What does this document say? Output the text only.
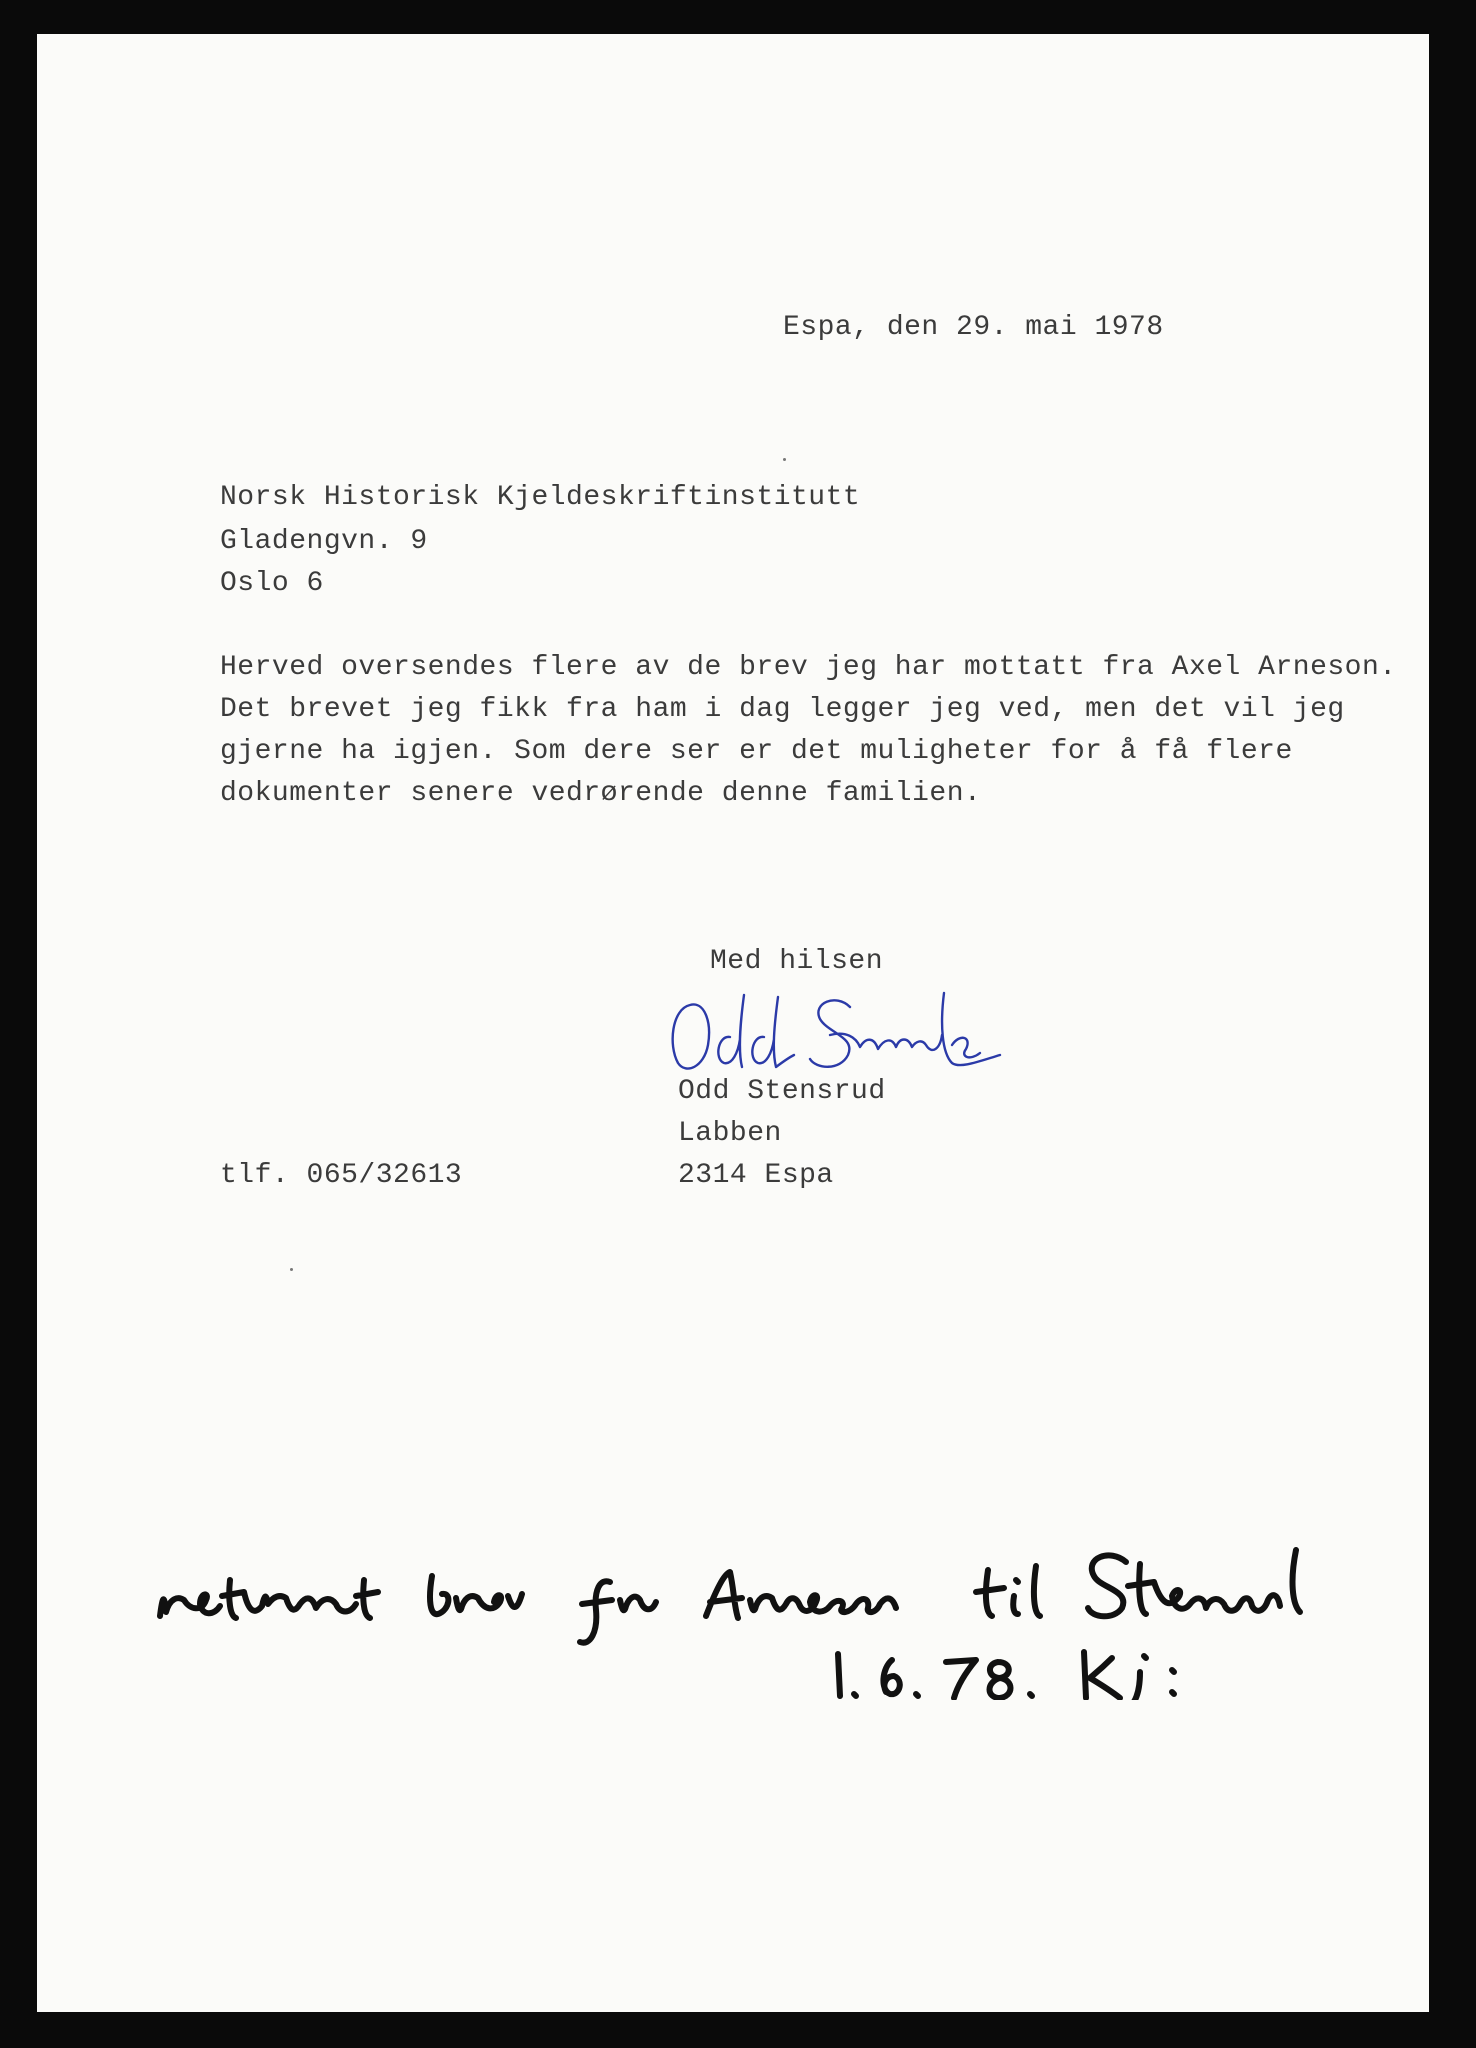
Espa, den 29. mai 1978
Norsk Historisk Kjeldeskriftinstitutt
Gladengvn. 9
Oslo 6
Herved oversendes flere av de brev jeg har mottatt fra Axel Arneson.
Det brevet jeg fikk fra ham i dag legger jeg ved, men det vil jeg
gjerne ha igjen. Som dere ser er det muligheter for å få flere
dokumenter senere vedrørende denne familien.
Med hilsen
Odd Stensrud
Labben
2314 Espa
tlf. 065/32613
